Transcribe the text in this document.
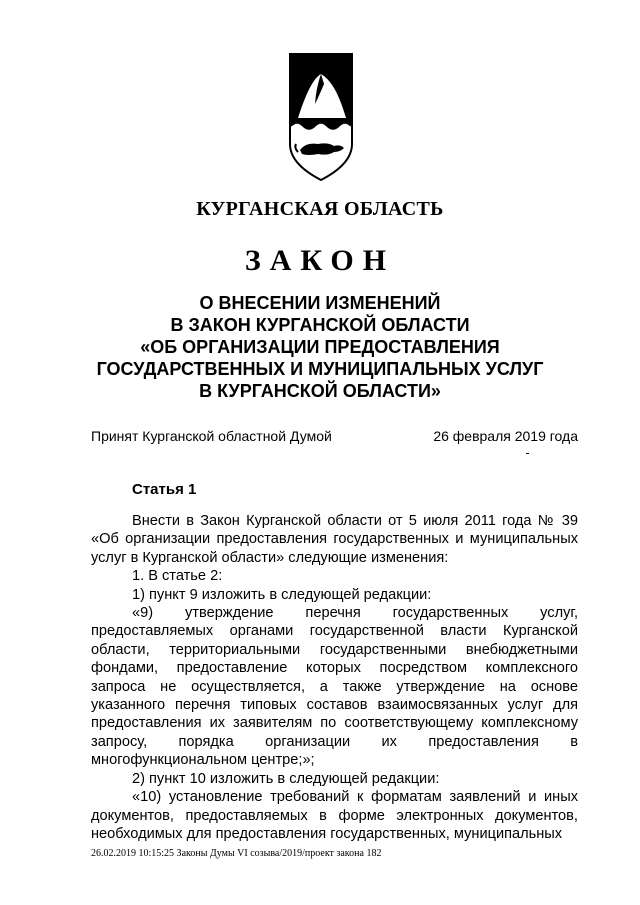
КУРГАНСКАЯ ОБЛАСТЬ
ЗАКОН
О ВНЕСЕНИИ ИЗМЕНЕНИЙ
В ЗАКОН КУРГАНСКОЙ ОБЛАСТИ
«ОБ ОРГАНИЗАЦИИ ПРЕДОСТАВЛЕНИЯ
ГОСУДАРСТВЕННЫХ И МУНИЦИПАЛЬНЫХ УСЛУГ
В КУРГАНСКОЙ ОБЛАСТИ»
Принят Курганской областной Думой	26 февраля 2019 года
Статья 1

Внести в Закон Курганской области от 5 июля 2011 года № 39 «Об организации предоставления государственных и муниципальных услуг в Курганской области» следующие изменения:

1. В статье 2:

1) пункт 9 изложить в следующей редакции:

«9) утверждение перечня государственных услуг, предоставляемых органами государственной власти Курганской области, территориальными государственными внебюджетными фондами, предоставление которых посредством комплексного запроса не осуществляется, а также утверждение на основе указанного перечня типовых составов взаимосвязанных услуг для предоставления их заявителям по соответствующему комплексному запросу, порядка организации их предоставления в многофункциональном центре;»;

2) пункт 10 изложить в следующей редакции:

«10) установление требований к форматам заявлений и иных документов, предоставляемых в форме электронных документов, необходимых для предоставления государственных, муниципальных

26.02.2019 10:15:25 Законы Думы VI созыва/2019/проект закона 182
